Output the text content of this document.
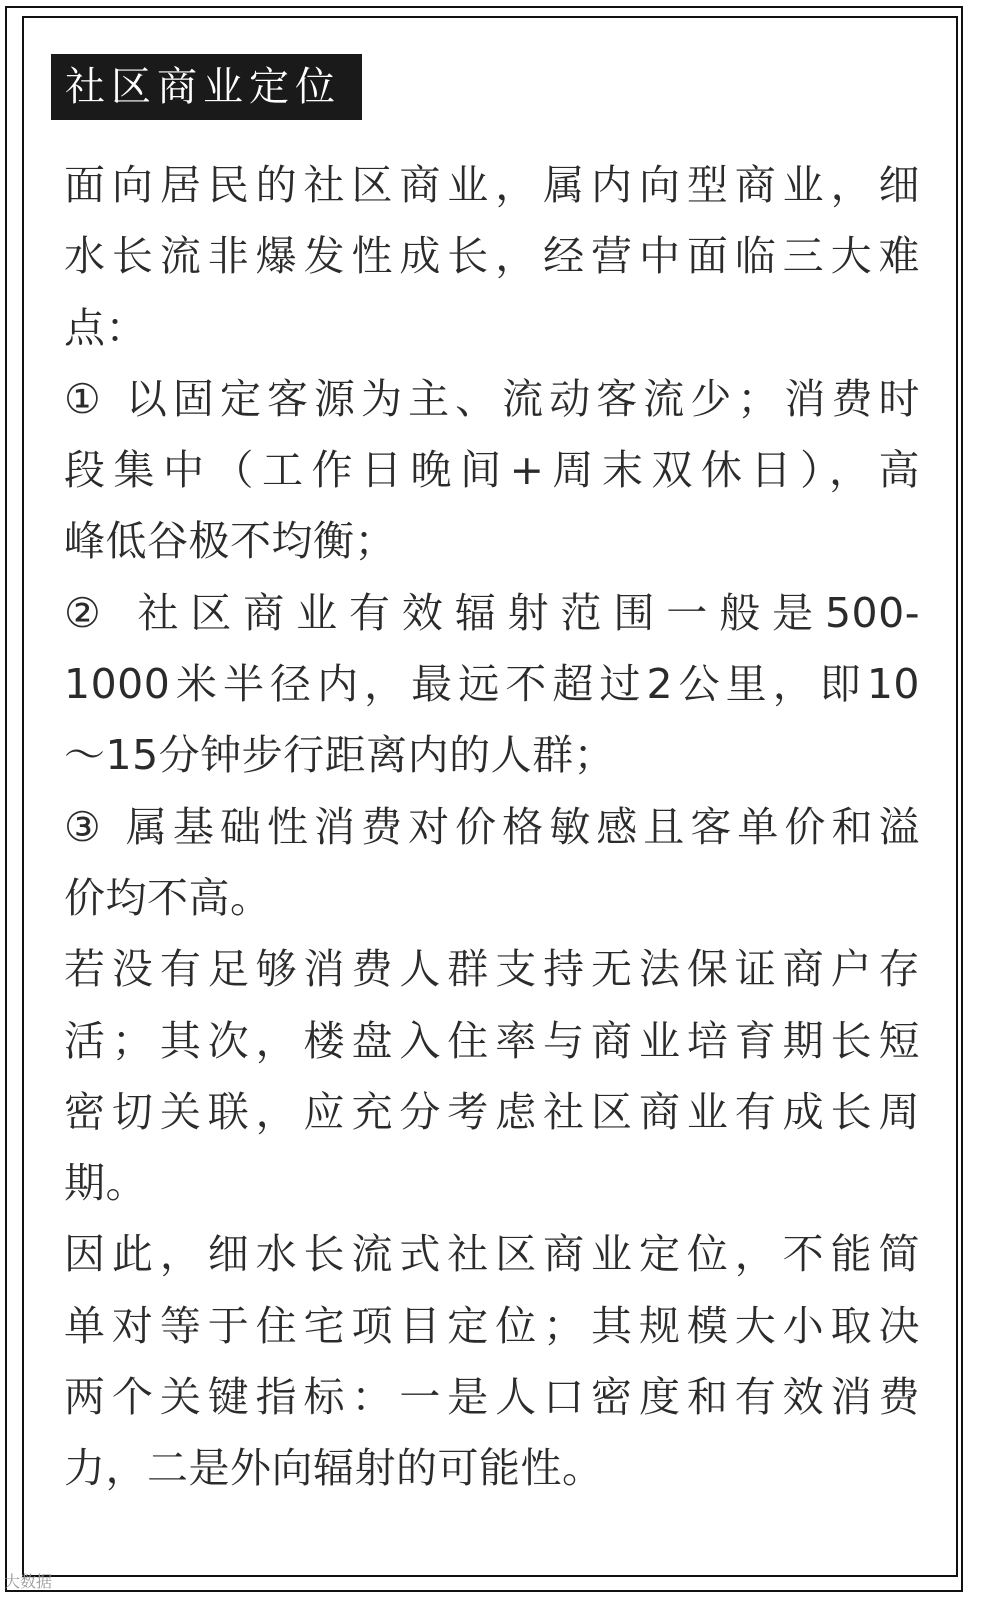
社区商业定位
面向居民的社区商业，属内向型商业，细
水长流非爆发性成长，经营中面临三大难
点：
① 以固定客源为主、流动客流少；消费时
段集中（工作日晚间+周末双休日），高
峰低谷极不均衡；
② 社区商业有效辐射范围一般是500-
1000米半径内，最远不超过2公里，即10
～15分钟步行距离内的人群；
③ 属基础性消费对价格敏感且客单价和溢
价均不高。
若没有足够消费人群支持无法保证商户存
活；其次，楼盘入住率与商业培育期长短
密切关联，应充分考虑社区商业有成长周
期。
因此，细水长流式社区商业定位，不能简
单对等于住宅项目定位；其规模大小取决
两个关键指标：一是人口密度和有效消费
力，二是外向辐射的可能性。
大数据
